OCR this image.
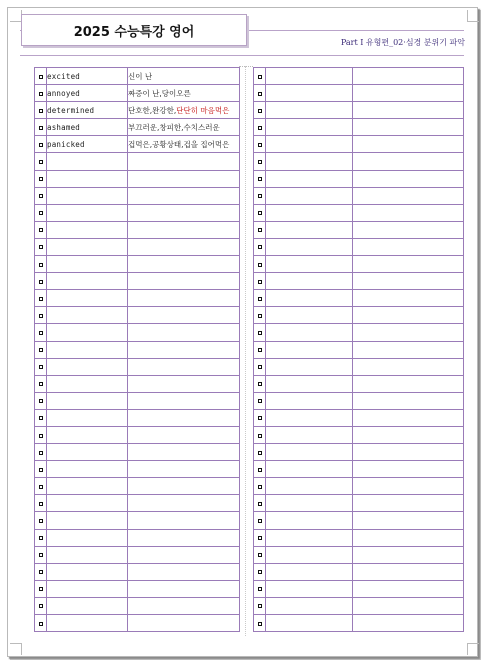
2025 수능특강 영어
Part Ⅰ 유형편_02·심경 분위기 파악
	excited	신이 난
	annoyed	짜증이 난,당이오른
	determined	단호한,완강한,단단히 마음먹은
	ashamed	부끄러운,창피한,수치스러운
	panicked	겁먹은,공황상태,겁을 집어먹은
